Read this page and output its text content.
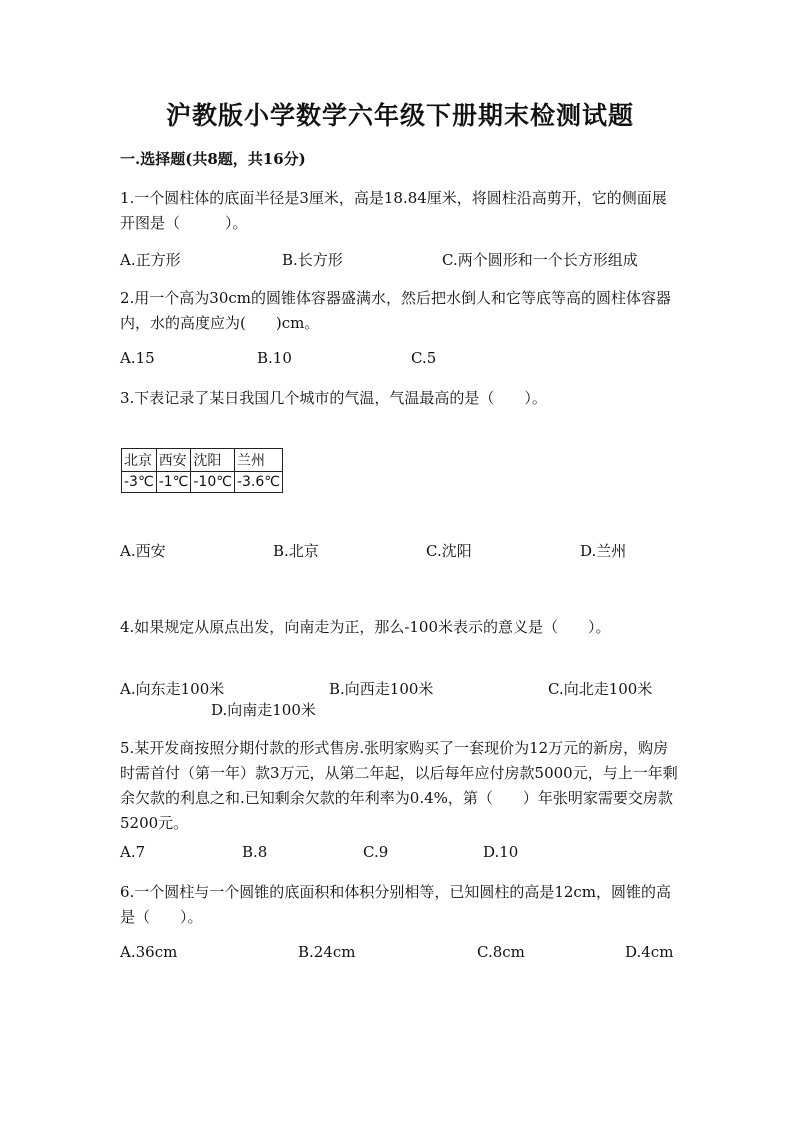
沪教版小学数学六年级下册期末检测试题
一.选择题(共8题，共16分)
1.一个圆柱体的底面半径是3厘米，高是18.84厘米，将圆柱沿高剪开，它的侧面展开图是（　　　）。
A.正方形	B.长方形	C.两个圆形和一个长方形组成
2.用一个高为30cm的圆锥体容器盛满水，然后把水倒人和它等底等高的圆柱体容器内，水的高度应为(　　)cm。
A.15	B.10	C.5
3.下表记录了某日我国几个城市的气温，气温最高的是（　　）。
北京	西安	沈阳	兰州
-3℃	-1℃	-10℃	-3.6℃
A.西安	B.北京	C.沈阳	D.兰州
4.如果规定从原点出发，向南走为正，那么-100米表示的意义是（　　）。
A.向东走100米	B.向西走100米	C.向北走100米
D.向南走100米
5.某开发商按照分期付款的形式售房.张明家购买了一套现价为12万元的新房，购房时需首付（第一年）款3万元，从第二年起，以后每年应付房款5000元，与上一年剩余欠款的利息之和.已知剩余欠款的年利率为0.4%，第（　　）年张明家需要交房款5200元。
A.7	B.8	C.9	D.10
6.一个圆柱与一个圆锥的底面积和体积分别相等，已知圆柱的高是12cm，圆锥的高是（　　）。
A.36cm	B.24cm	C.8cm	D.4cm
